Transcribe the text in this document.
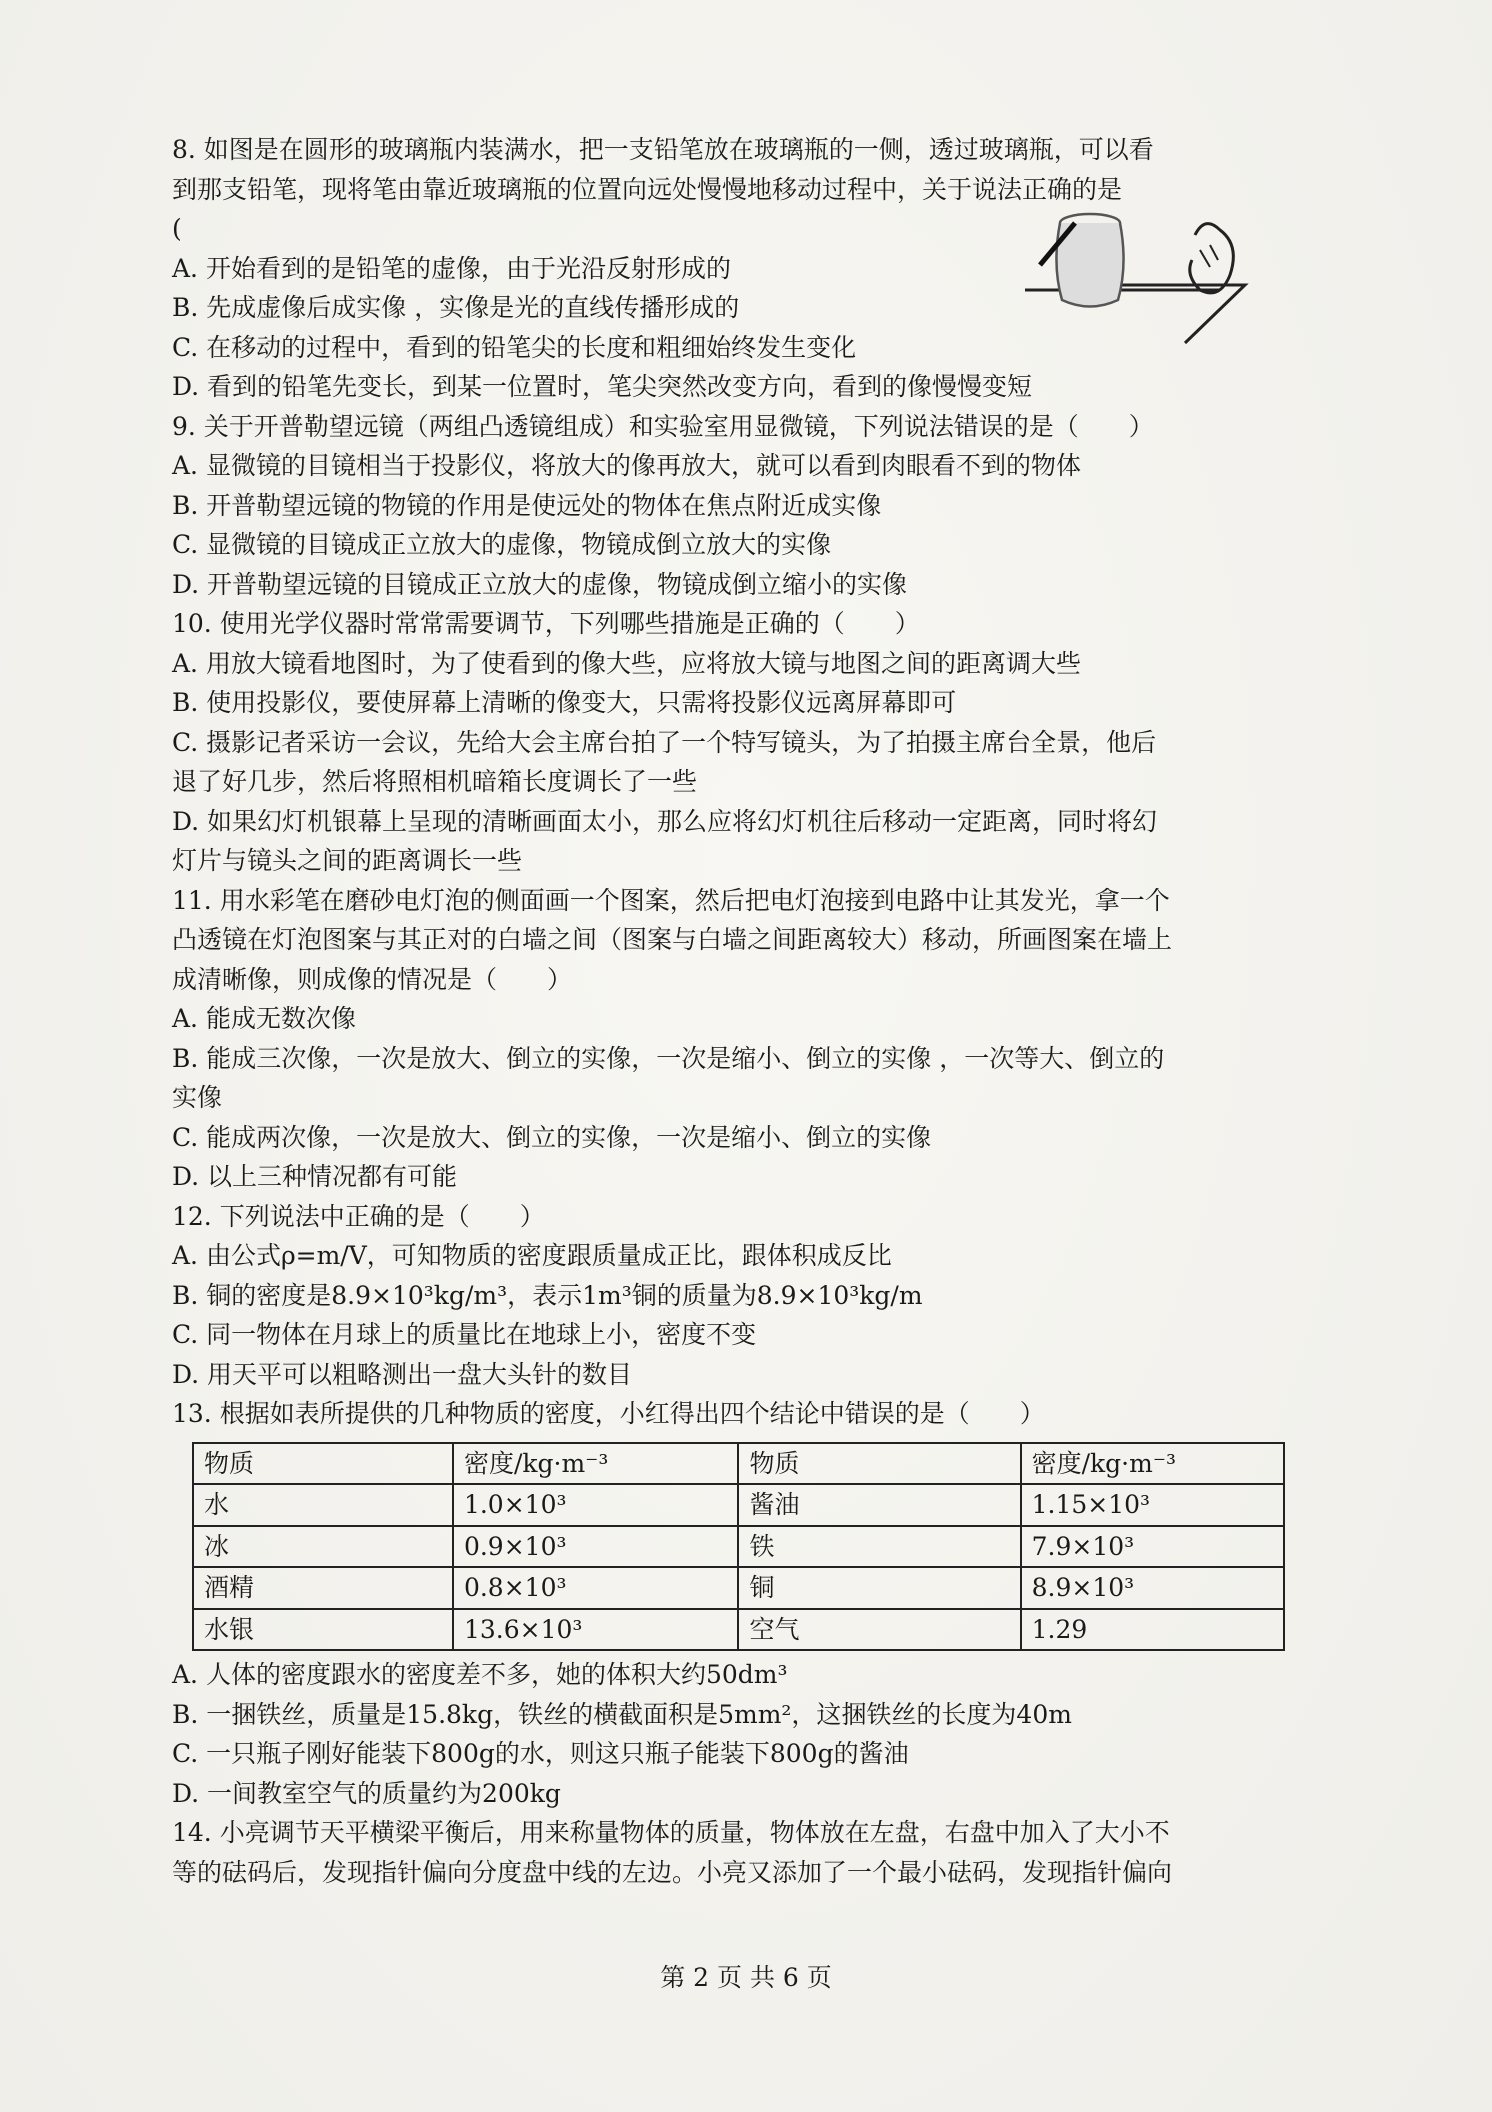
8. 如图是在圆形的玻璃瓶内装满水，把一支铅笔放在玻璃瓶的一侧，透过玻璃瓶，可以看
到那支铅笔，现将笔由靠近玻璃瓶的位置向远处慢慢地移动过程中，关于说法正确的是
(
A. 开始看到的是铅笔的虚像，由于光沿反射形成的
B. 先成虚像后成实像 ，实像是光的直线传播形成的
C. 在移动的过程中，看到的铅笔尖的长度和粗细始终发生变化
D. 看到的铅笔先变长，到某一位置时，笔尖突然改变方向，看到的像慢慢变短
9. 关于开普勒望远镜（两组凸透镜组成）和实验室用显微镜，下列说法错误的是（　　）
A. 显微镜的目镜相当于投影仪，将放大的像再放大，就可以看到肉眼看不到的物体
B. 开普勒望远镜的物镜的作用是使远处的物体在焦点附近成实像
C. 显微镜的目镜成正立放大的虚像，物镜成倒立放大的实像
D. 开普勒望远镜的目镜成正立放大的虚像，物镜成倒立缩小的实像
10. 使用光学仪器时常常需要调节，下列哪些措施是正确的（　　）
A. 用放大镜看地图时，为了使看到的像大些，应将放大镜与地图之间的距离调大些
B. 使用投影仪，要使屏幕上清晰的像变大，只需将投影仪远离屏幕即可
C. 摄影记者采访一会议，先给大会主席台拍了一个特写镜头，为了拍摄主席台全景，他后
退了好几步，然后将照相机暗箱长度调长了一些
D. 如果幻灯机银幕上呈现的清晰画面太小，那么应将幻灯机往后移动一定距离，同时将幻
灯片与镜头之间的距离调长一些
11. 用水彩笔在磨砂电灯泡的侧面画一个图案，然后把电灯泡接到电路中让其发光，拿一个
凸透镜在灯泡图案与其正对的白墙之间（图案与白墙之间距离较大）移动，所画图案在墙上
成清晰像，则成像的情况是（　　）
A. 能成无数次像
B. 能成三次像，一次是放大、倒立的实像，一次是缩小、倒立的实像 ，一次等大、倒立的
实像
C. 能成两次像，一次是放大、倒立的实像，一次是缩小、倒立的实像
D. 以上三种情况都有可能
12. 下列说法中正确的是（　　）
A. 由公式ρ=m/V，可知物质的密度跟质量成正比，跟体积成反比
B. 铜的密度是8.9×10³kg/m³，表示1m³铜的质量为8.9×10³kg/m
C. 同一物体在月球上的质量比在地球上小，密度不变
D. 用天平可以粗略测出一盘大头针的数目
13. 根据如表所提供的几种物质的密度，小红得出四个结论中错误的是（　　）
物质	密度/kg·m⁻³	物质	密度/kg·m⁻³
水	1.0×10³	酱油	1.15×10³
冰	0.9×10³	铁	7.9×10³
酒精	0.8×10³	铜	8.9×10³
水银	13.6×10³	空气	1.29
A. 人体的密度跟水的密度差不多，她的体积大约50dm³
B. 一捆铁丝，质量是15.8kg，铁丝的横截面积是5mm²，这捆铁丝的长度为40m
C. 一只瓶子刚好能装下800g的水，则这只瓶子能装下800g的酱油
D. 一间教室空气的质量约为200kg
14. 小亮调节天平横梁平衡后，用来称量物体的质量，物体放在左盘，右盘中加入了大小不
等的砝码后，发现指针偏向分度盘中线的左边。小亮又添加了一个最小砝码，发现指针偏向
第 2 页 共 6 页
